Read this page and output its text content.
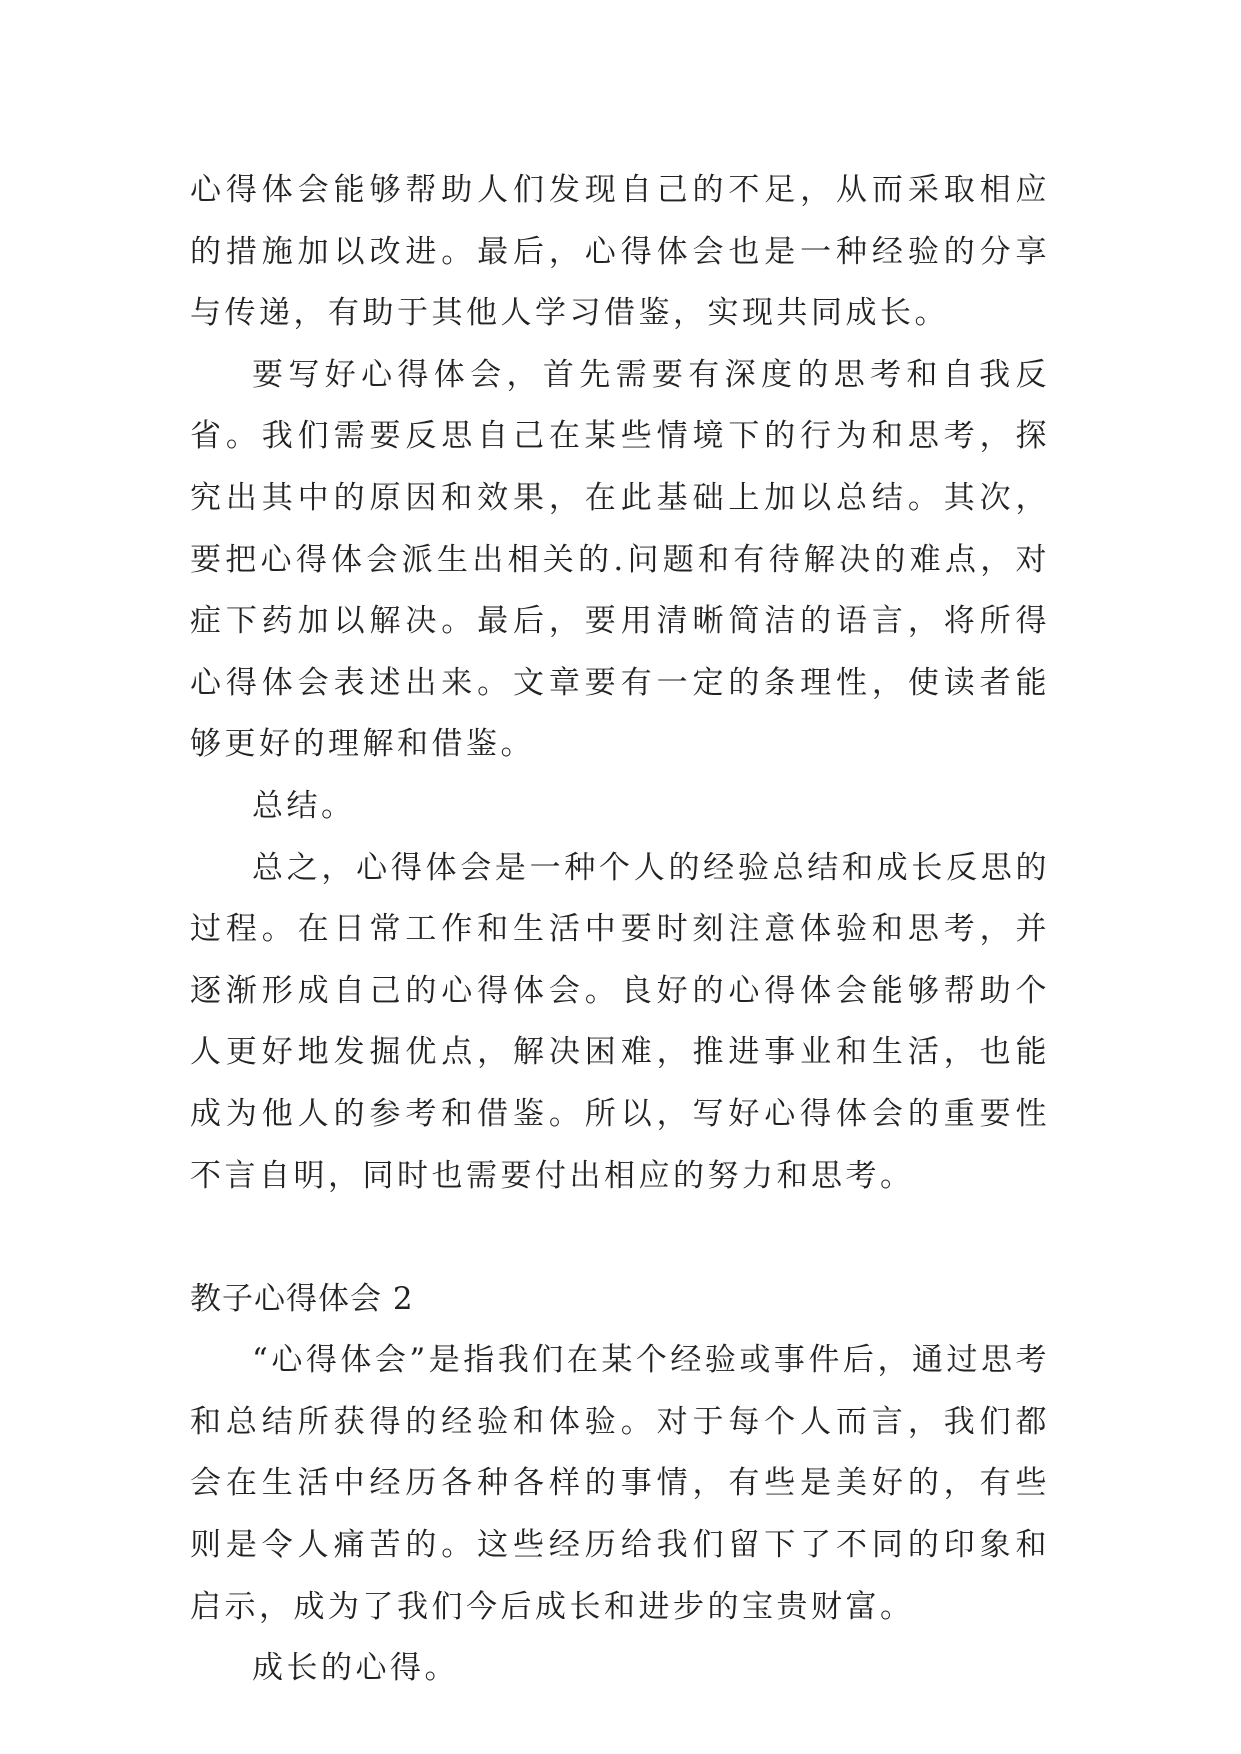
心得体会能够帮助人们发现自己的不足，从而采取相应的措施加以改进。最后，心得体会也是一种经验的分享与传递，有助于其他人学习借鉴，实现共同成长。

要写好心得体会，首先需要有深度的思考和自我反省。我们需要反思自己在某些情境下的行为和思考，探究出其中的原因和效果，在此基础上加以总结。其次，要把心得体会派生出相关的.问题和有待解决的难点，对症下药加以解决。最后，要用清晰简洁的语言，将所得心得体会表述出来。文章要有一定的条理性，使读者能够更好的理解和借鉴。

总结。

总之，心得体会是一种个人的经验总结和成长反思的过程。在日常工作和生活中要时刻注意体验和思考，并逐渐形成自己的心得体会。良好的心得体会能够帮助个人更好地发掘优点，解决困难，推进事业和生活，也能成为他人的参考和借鉴。所以，写好心得体会的重要性不言自明，同时也需要付出相应的努力和思考。

教子心得体会 2

“心得体会”是指我们在某个经验或事件后，通过思考和总结所获得的经验和体验。对于每个人而言，我们都会在生活中经历各种各样的事情，有些是美好的，有些则是令人痛苦的。这些经历给我们留下了不同的印象和启示，成为了我们今后成长和进步的宝贵财富。

成长的心得。
